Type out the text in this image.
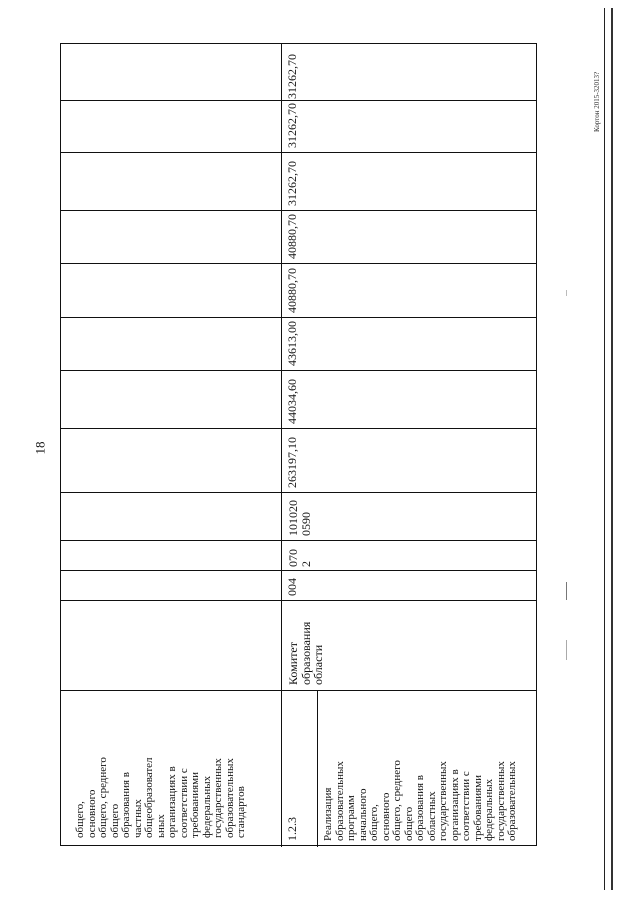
18
Кортон 2015-32013?
общего, основного общего, среднего общего образования в частных общеобразовател ьных организациях в соответствии с требованиями федеральных государственных образовательных стандартов
31262,70
1.2.3 Реализация образовательных программ начального общего, основного общего, среднего общего образования в областных государственных организациях в соответствии с требованиями федеральных государственных образовательных
Комитет
образования
области
004
070
2
101020
0590
263197,10
44034,60
43613,00
40880,70
40880,70
31262,70
31262,70
